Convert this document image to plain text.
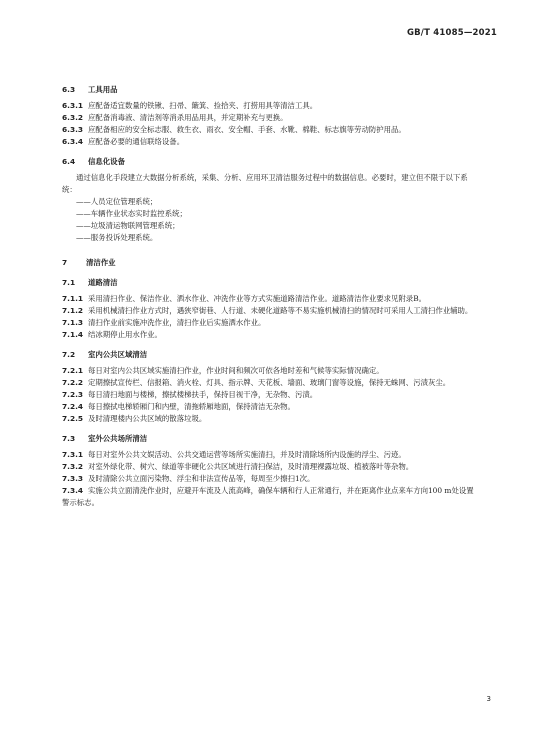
GB/T 41085—2021
6.3	工具用品
6.3.1 应配备适宜数量的铁锹、扫帚、簸箕、捡拾夹、打捞用具等清洁工具。
6.3.2 应配备消毒液、清洁剂等消杀用品用具，并定期补充与更换。
6.3.3 应配备相应的安全标志服、救生衣、雨衣、安全帽、手套、水靴、棉鞋、标志旗等劳动防护用品。
6.3.4 应配备必要的通信联络设备。
6.4	信息化设备
通过信息化手段建立大数据分析系统，采集、分析、应用环卫清洁服务过程中的数据信息。必要时，建立但不限于以下系统：
——人员定位管理系统；
——车辆作业状态实时监控系统；
——垃圾清运物联网管理系统；
——服务投诉处理系统。
7	清洁作业
7.1	道路清洁
7.1.1 采用清扫作业、保洁作业、洒水作业、冲洗作业等方式实施道路清洁作业。道路清洁作业要求见附录B。
7.1.2 采用机械清扫作业方式时，遇狭窄街巷、人行道、未硬化道路等不易实施机械清扫的情况时可采用人工清扫作业辅助。
7.1.3 清扫作业前实施冲洗作业，清扫作业后实施洒水作业。
7.1.4 结冰期停止用水作业。
7.2	室内公共区域清洁
7.2.1 每日对室内公共区域实施清扫作业，作业时间和频次可依各地时差和气候等实际情况确定。
7.2.2 定期擦拭宣传栏、信报箱、消火栓、灯具、指示牌、天花板、墙面、玻璃门窗等设施，保持无蛛网、污渍灰尘。
7.2.3 每日清扫地面与楼梯，擦拭楼梯扶手，保持目视干净，无杂物、污渍。
7.2.4 每日擦拭电梯轿厢门和内壁，清拖轿厢地面，保持清洁无杂物。
7.2.5 及时清理楼内公共区域的散落垃圾。
7.3	室外公共场所清洁
7.3.1 每日对室外公共文娱活动、公共交通运营等场所实施清扫，并及时清除场所内设施的浮尘、污迹。
7.3.2 对室外绿化带、树穴、绿道等非硬化公共区域进行清扫保洁，及时清理裸露垃圾、植被落叶等杂物。
7.3.3 及时清除公共立面污染物、浮尘和非法宣传品等，每周至少擦扫1次。
7.3.4 实施公共立面清洗作业时，应避开车流及人流高峰，确保车辆和行人正常通行，并在距离作业点来车方向100 m处设置警示标志。
3
